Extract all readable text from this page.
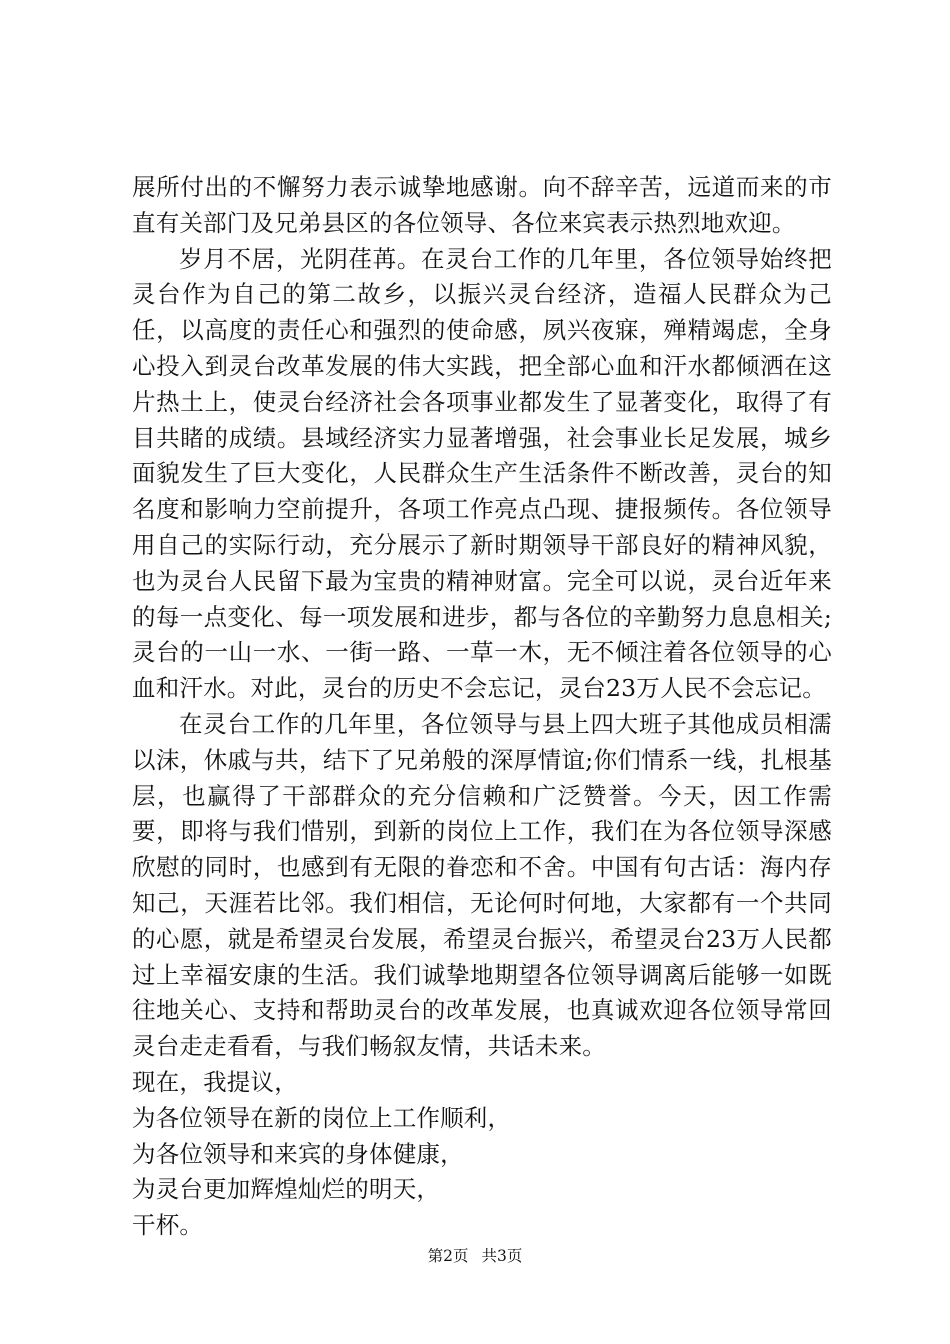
展所付出的不懈努力表示诚挚地感谢。向不辞辛苦，远道而来的市直有关部门及兄弟县区的各位领导、各位来宾表示热烈地欢迎。

岁月不居，光阴荏苒。在灵台工作的几年里，各位领导始终把灵台作为自己的第二故乡，以振兴灵台经济，造福人民群众为己任，以高度的责任心和强烈的使命感，夙兴夜寐，殚精竭虑，全身心投入到灵台改革发展的伟大实践，把全部心血和汗水都倾洒在这片热土上，使灵台经济社会各项事业都发生了显著变化，取得了有目共睹的成绩。县域经济实力显著增强，社会事业长足发展，城乡面貌发生了巨大变化，人民群众生产生活条件不断改善，灵台的知名度和影响力空前提升，各项工作亮点凸现、捷报频传。各位领导用自己的实际行动，充分展示了新时期领导干部良好的精神风貌，也为灵台人民留下最为宝贵的精神财富。完全可以说，灵台近年来的每一点变化、每一项发展和进步，都与各位的辛勤努力息息相关;灵台的一山一水、一街一路、一草一木，无不倾注着各位领导的心血和汗水。对此，灵台的历史不会忘记，灵台23万人民不会忘记。

在灵台工作的几年里，各位领导与县上四大班子其他成员相濡以沫，休戚与共，结下了兄弟般的深厚情谊;你们情系一线，扎根基层，也赢得了干部群众的充分信赖和广泛赞誉。今天，因工作需要，即将与我们惜别，到新的岗位上工作，我们在为各位领导深感欣慰的同时，也感到有无限的眷恋和不舍。中国有句古话：海内存知己，天涯若比邻。我们相信，无论何时何地，大家都有一个共同的心愿，就是希望灵台发展，希望灵台振兴，希望灵台23万人民都过上幸福安康的生活。我们诚挚地期望各位领导调离后能够一如既往地关心、支持和帮助灵台的改革发展，也真诚欢迎各位领导常回灵台走走看看，与我们畅叙友情，共话未来。

现在，我提议，

为各位领导在新的岗位上工作顺利，

为各位领导和来宾的身体健康，

为灵台更加辉煌灿烂的明天，

干杯。

第2页 共3页
